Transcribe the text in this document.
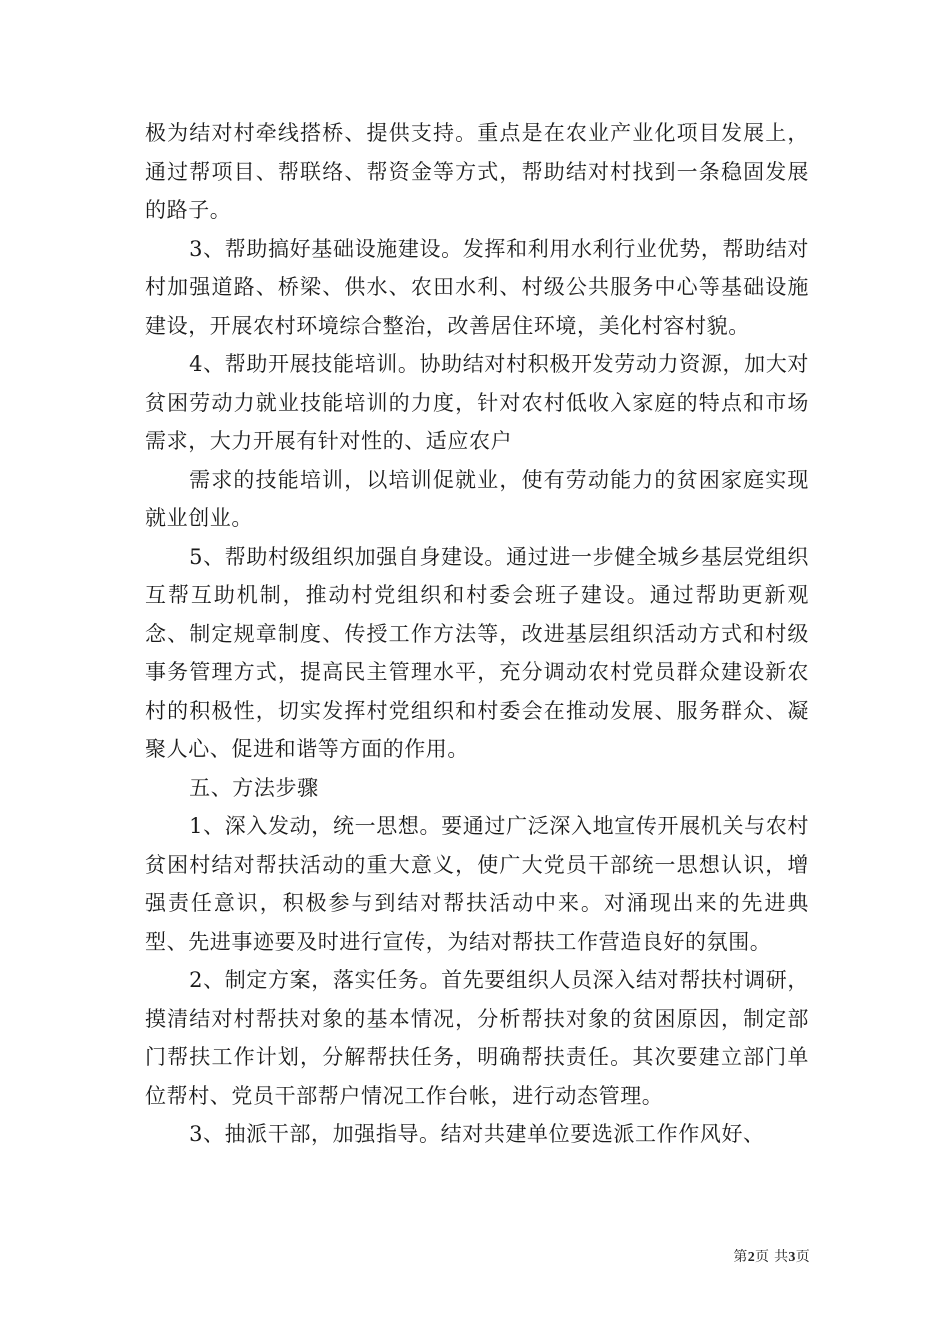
极为结对村牵线搭桥、提供支持。重点是在农业产业化项目发展上，通过帮项目、帮联络、帮资金等方式，帮助结对村找到一条稳固发展的路子。

3、帮助搞好基础设施建设。发挥和利用水利行业优势，帮助结对村加强道路、桥梁、供水、农田水利、村级公共服务中心等基础设施建设，开展农村环境综合整治，改善居住环境，美化村容村貌。

4、帮助开展技能培训。协助结对村积极开发劳动力资源，加大对贫困劳动力就业技能培训的力度，针对农村低收入家庭的特点和市场需求，大力开展有针对性的、适应农户

需求的技能培训，以培训促就业，使有劳动能力的贫困家庭实现就业创业。

5、帮助村级组织加强自身建设。通过进一步健全城乡基层党组织互帮互助机制，推动村党组织和村委会班子建设。通过帮助更新观念、制定规章制度、传授工作方法等，改进基层组织活动方式和村级事务管理方式，提高民主管理水平，充分调动农村党员群众建设新农村的积极性，切实发挥村党组织和村委会在推动发展、服务群众、凝聚人心、促进和谐等方面的作用。

五、方法步骤

1、深入发动，统一思想。要通过广泛深入地宣传开展机关与农村贫困村结对帮扶活动的重大意义，使广大党员干部统一思想认识，增强责任意识，积极参与到结对帮扶活动中来。对涌现出来的先进典型、先进事迹要及时进行宣传，为结对帮扶工作营造良好的氛围。

2、制定方案，落实任务。首先要组织人员深入结对帮扶村调研，摸清结对村帮扶对象的基本情况，分析帮扶对象的贫困原因，制定部门帮扶工作计划，分解帮扶任务，明确帮扶责任。其次要建立部门单位帮村、党员干部帮户情况工作台帐，进行动态管理。

3、抽派干部，加强指导。结对共建单位要选派工作作风好、

第2页 共3页
